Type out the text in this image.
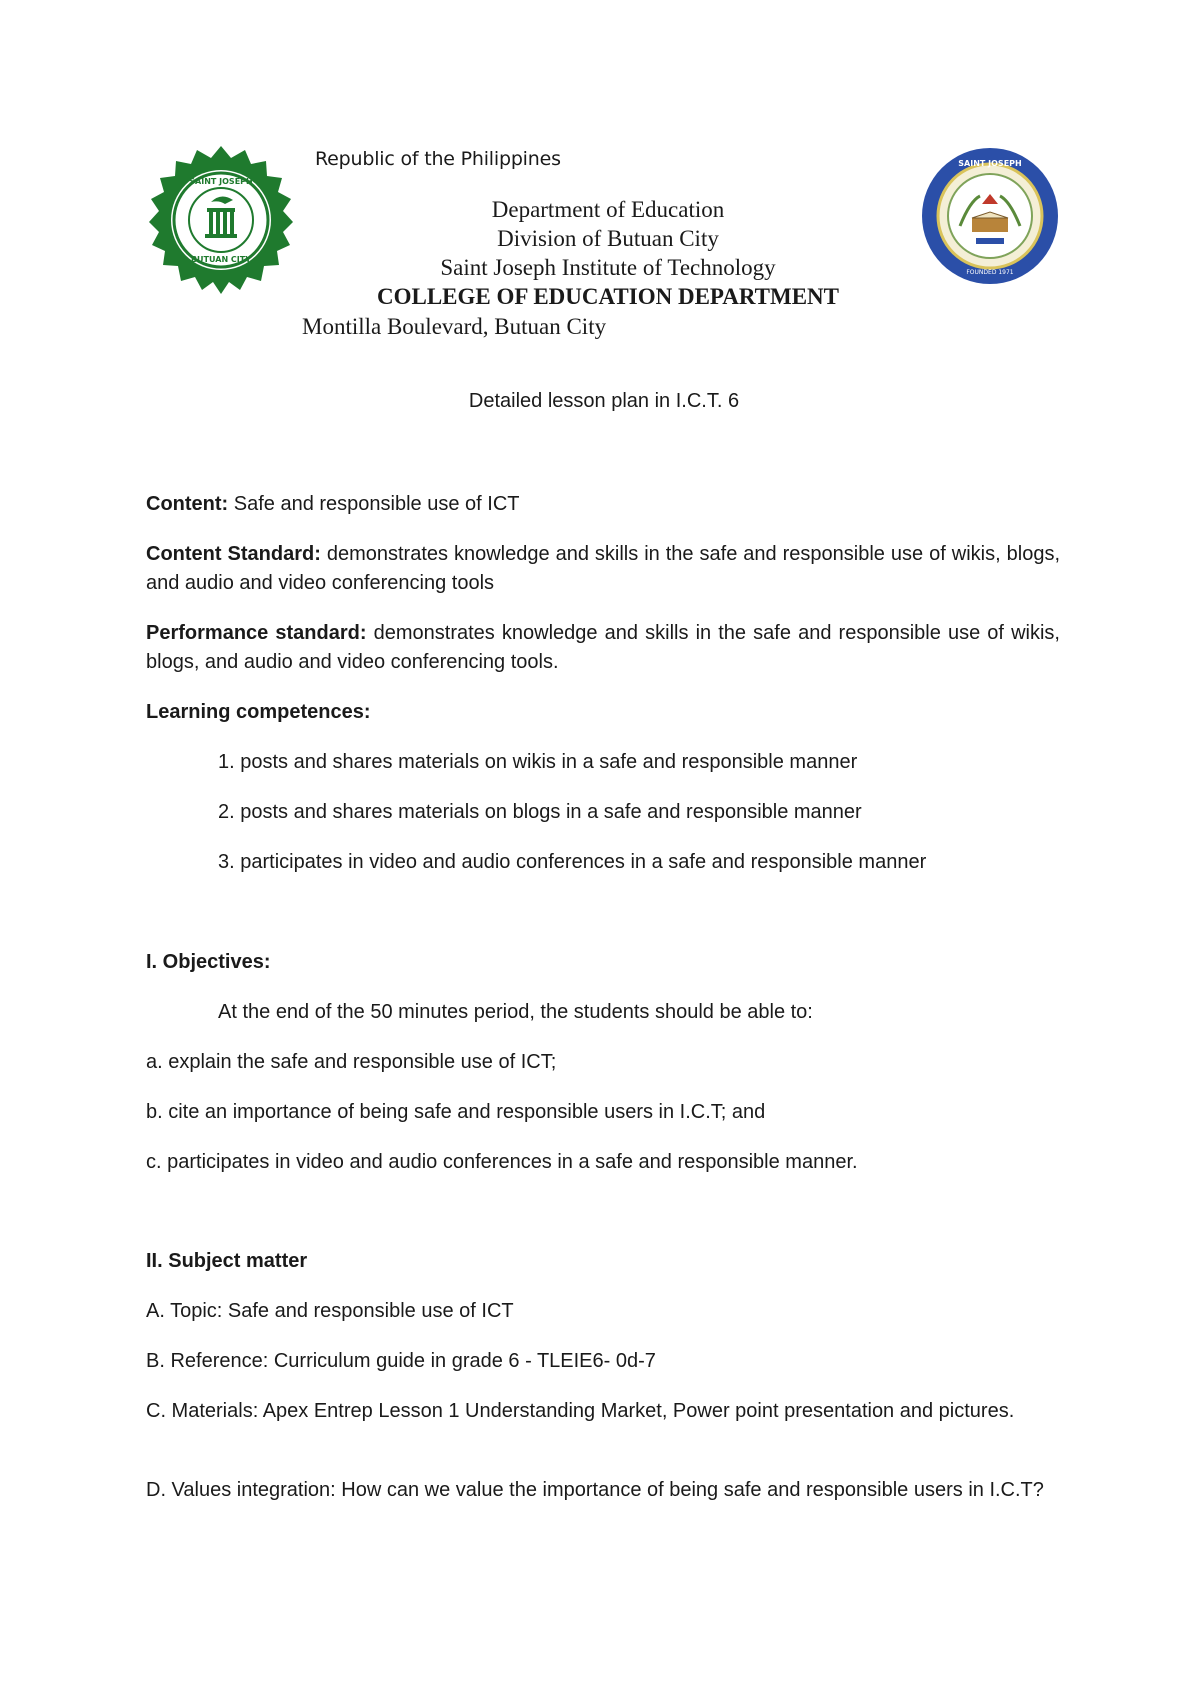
SAINT JOSEPH
BUTUAN CITY
SAINT JOSEPH
FOUNDED 1971
Republic of the Philippines
Department of Education
Division of Butuan City
Saint Joseph Institute of Technology
COLLEGE OF EDUCATION DEPARTMENT
Montilla Boulevard, Butuan City
Detailed lesson plan in I.C.T. 6
Content: Safe and responsible use of ICT
Content Standard: demonstrates knowledge and skills in the safe and responsible use of wikis, blogs, and audio and video conferencing tools
Performance standard: demonstrates knowledge and skills in the safe and responsible use of wikis, blogs, and audio and video conferencing tools.
Learning competences:
1. posts and shares materials on wikis in a safe and responsible manner
2. posts and shares materials on blogs in a safe and responsible manner
3. participates in video and audio conferences in a safe and responsible manner
I. Objectives:
At the end of the 50 minutes period, the students should be able to:
a. explain the safe and responsible use of ICT;
b. cite an importance of being safe and responsible users in I.C.T; and
c. participates in video and audio conferences in a safe and responsible manner.
II. Subject matter
A. Topic: Safe and responsible use of ICT
B. Reference: Curriculum guide in grade 6 - TLEIE6- 0d-7
C. Materials: Apex Entrep Lesson 1 Understanding Market, Power point presentation and pictures.
D. Values integration: How can we value the importance of being safe and responsible users in I.C.T?
